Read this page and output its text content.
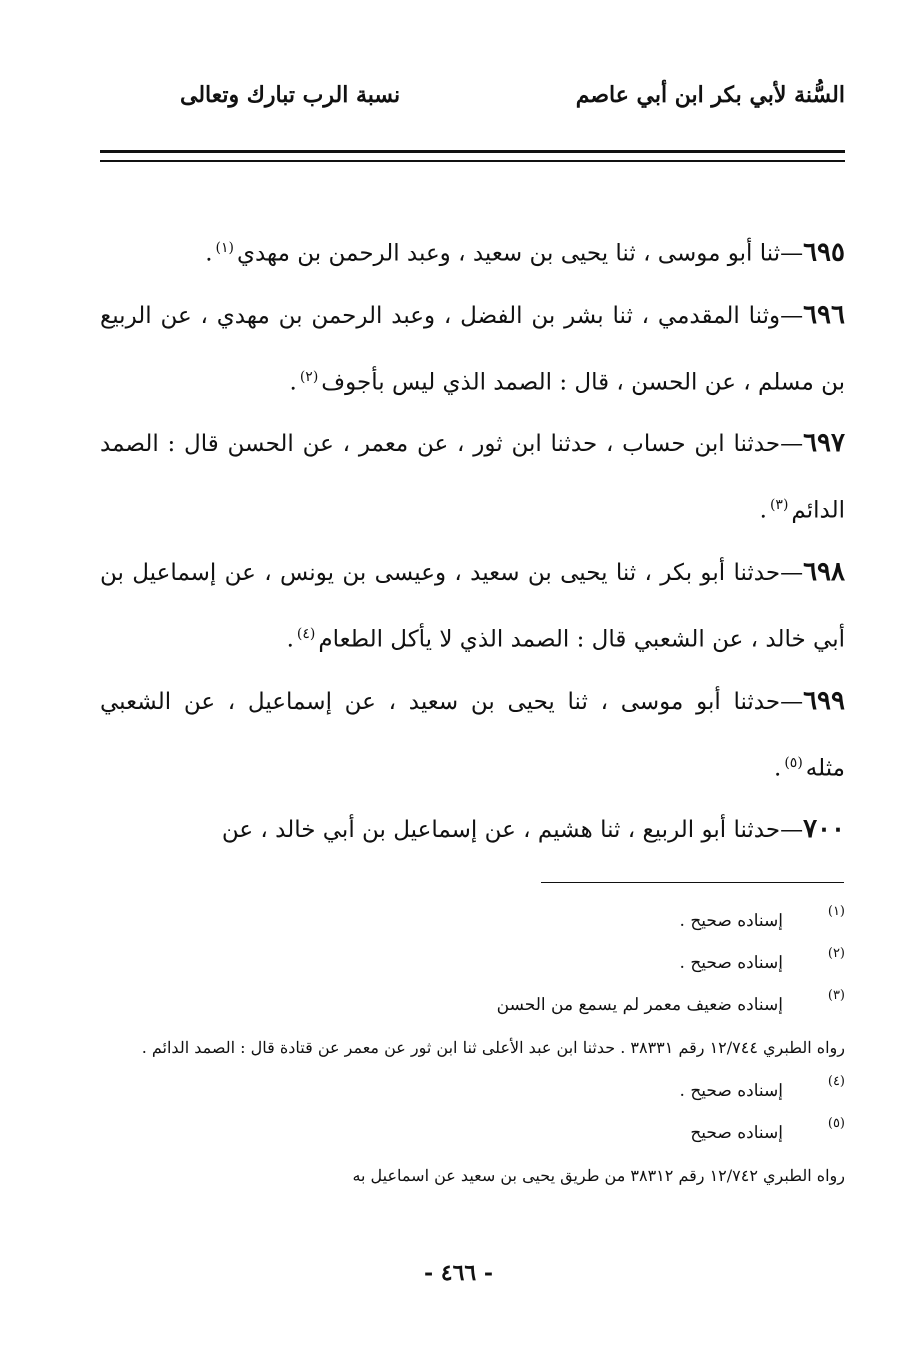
السُّنة لأبي بكر ابن أبي عاصم
نسبة الرب تبارك وتعالى

٦٩٥—ثنا أبو موسى ، ثنا يحيى بن سعيد ، وعبد الرحمن بن مهدي$^{(١)}$.

٦٩٦—وثنا المقدمي ، ثنا بشر بن الفضل ، وعبد الرحمن بن مهدي ، عن الربيع بن مسلم ، عن الحسن ، قال : الصمد الذي ليس بأجوف$^{(٢)}$.

٦٩٧—حدثنا ابن حساب ، حدثنا ابن ثور ، عن معمر ، عن الحسن قال : الصمد الدائم$^{(٣)}$.

٦٩٨—حدثنا أبو بكر ، ثنا يحيى بن سعيد ، وعيسى بن يونس ، عن إسماعيل بن أبي خالد ، عن الشعبي قال : الصمد الذي لا يأكل الطعام$^{(٤)}$.

٦٩٩—حدثنا أبو موسى ، ثنا يحيى بن سعيد ، عن إسماعيل ، عن الشعبي مثله$^{(٥)}$.

٧٠٠—حدثنا أبو الربيع ، ثنا هشيم ، عن إسماعيل بن أبي خالد ، عن

(١)
إسناده صحيح .
(٢)
إسناده صحيح .
(٣)
إسناده ضعيف معمر لم يسمع من الحسن
رواه الطبري ١٢/٧٤٤ رقم ٣٨٣٣١ . حدثنا ابن عبد الأعلى ثنا ابن ثور عن معمر عن قتادة قال : الصمد الدائم .
(٤)
إسناده صحيح .
(٥)
إسناده صحيح
رواه الطبري ١٢/٧٤٢ رقم ٣٨٣١٢ من طريق يحيى بن سعيد عن اسماعيل به
- ٤٦٦ -
